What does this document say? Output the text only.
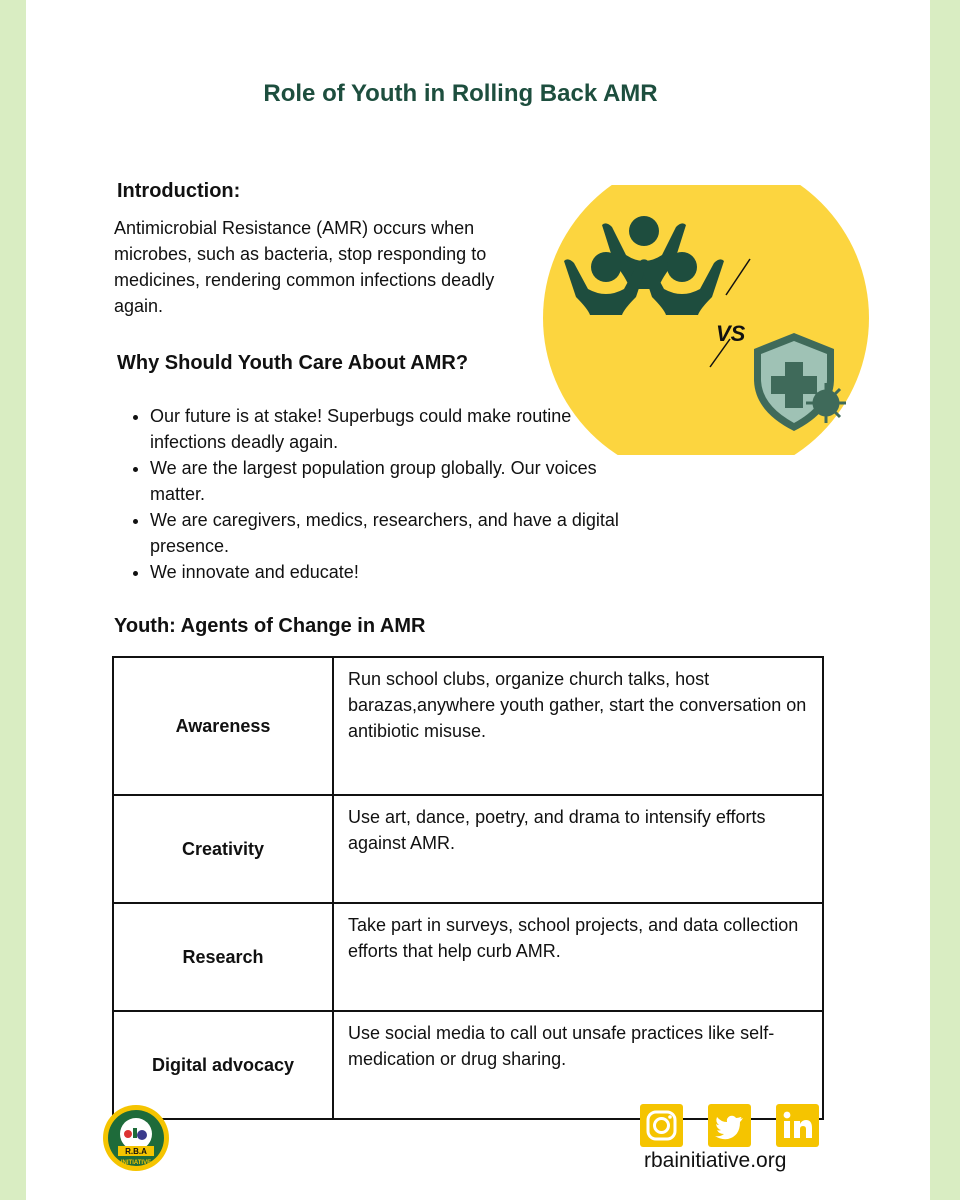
Role of Youth in Rolling Back AMR
Introduction:
Antimicrobial Resistance (AMR) occurs when microbes, such as bacteria, stop responding to medicines, rendering common infections deadly again.
Why Should Youth Care About AMR?
• Our future is at stake! Superbugs could make routine infections deadly again.
• We are the largest population group globally. Our voices matter.
• We are caregivers, medics, researchers, and have a digital presence.
• We innovate and educate!
VS
Youth: Agents of Change in AMR
Awareness	Run school clubs, organize church talks, host barazas,anywhere youth gather, start the conversation on antibiotic misuse.
Creativity	Use art, dance, poetry, and drama to intensify efforts against AMR.
Research	Take part in surveys, school projects, and data collection efforts that help curb AMR.
Digital advocacy	Use social media to call out unsafe practices like self-medication or drug sharing.
R.B.A
INITIATIVE	rbainitiative.org
